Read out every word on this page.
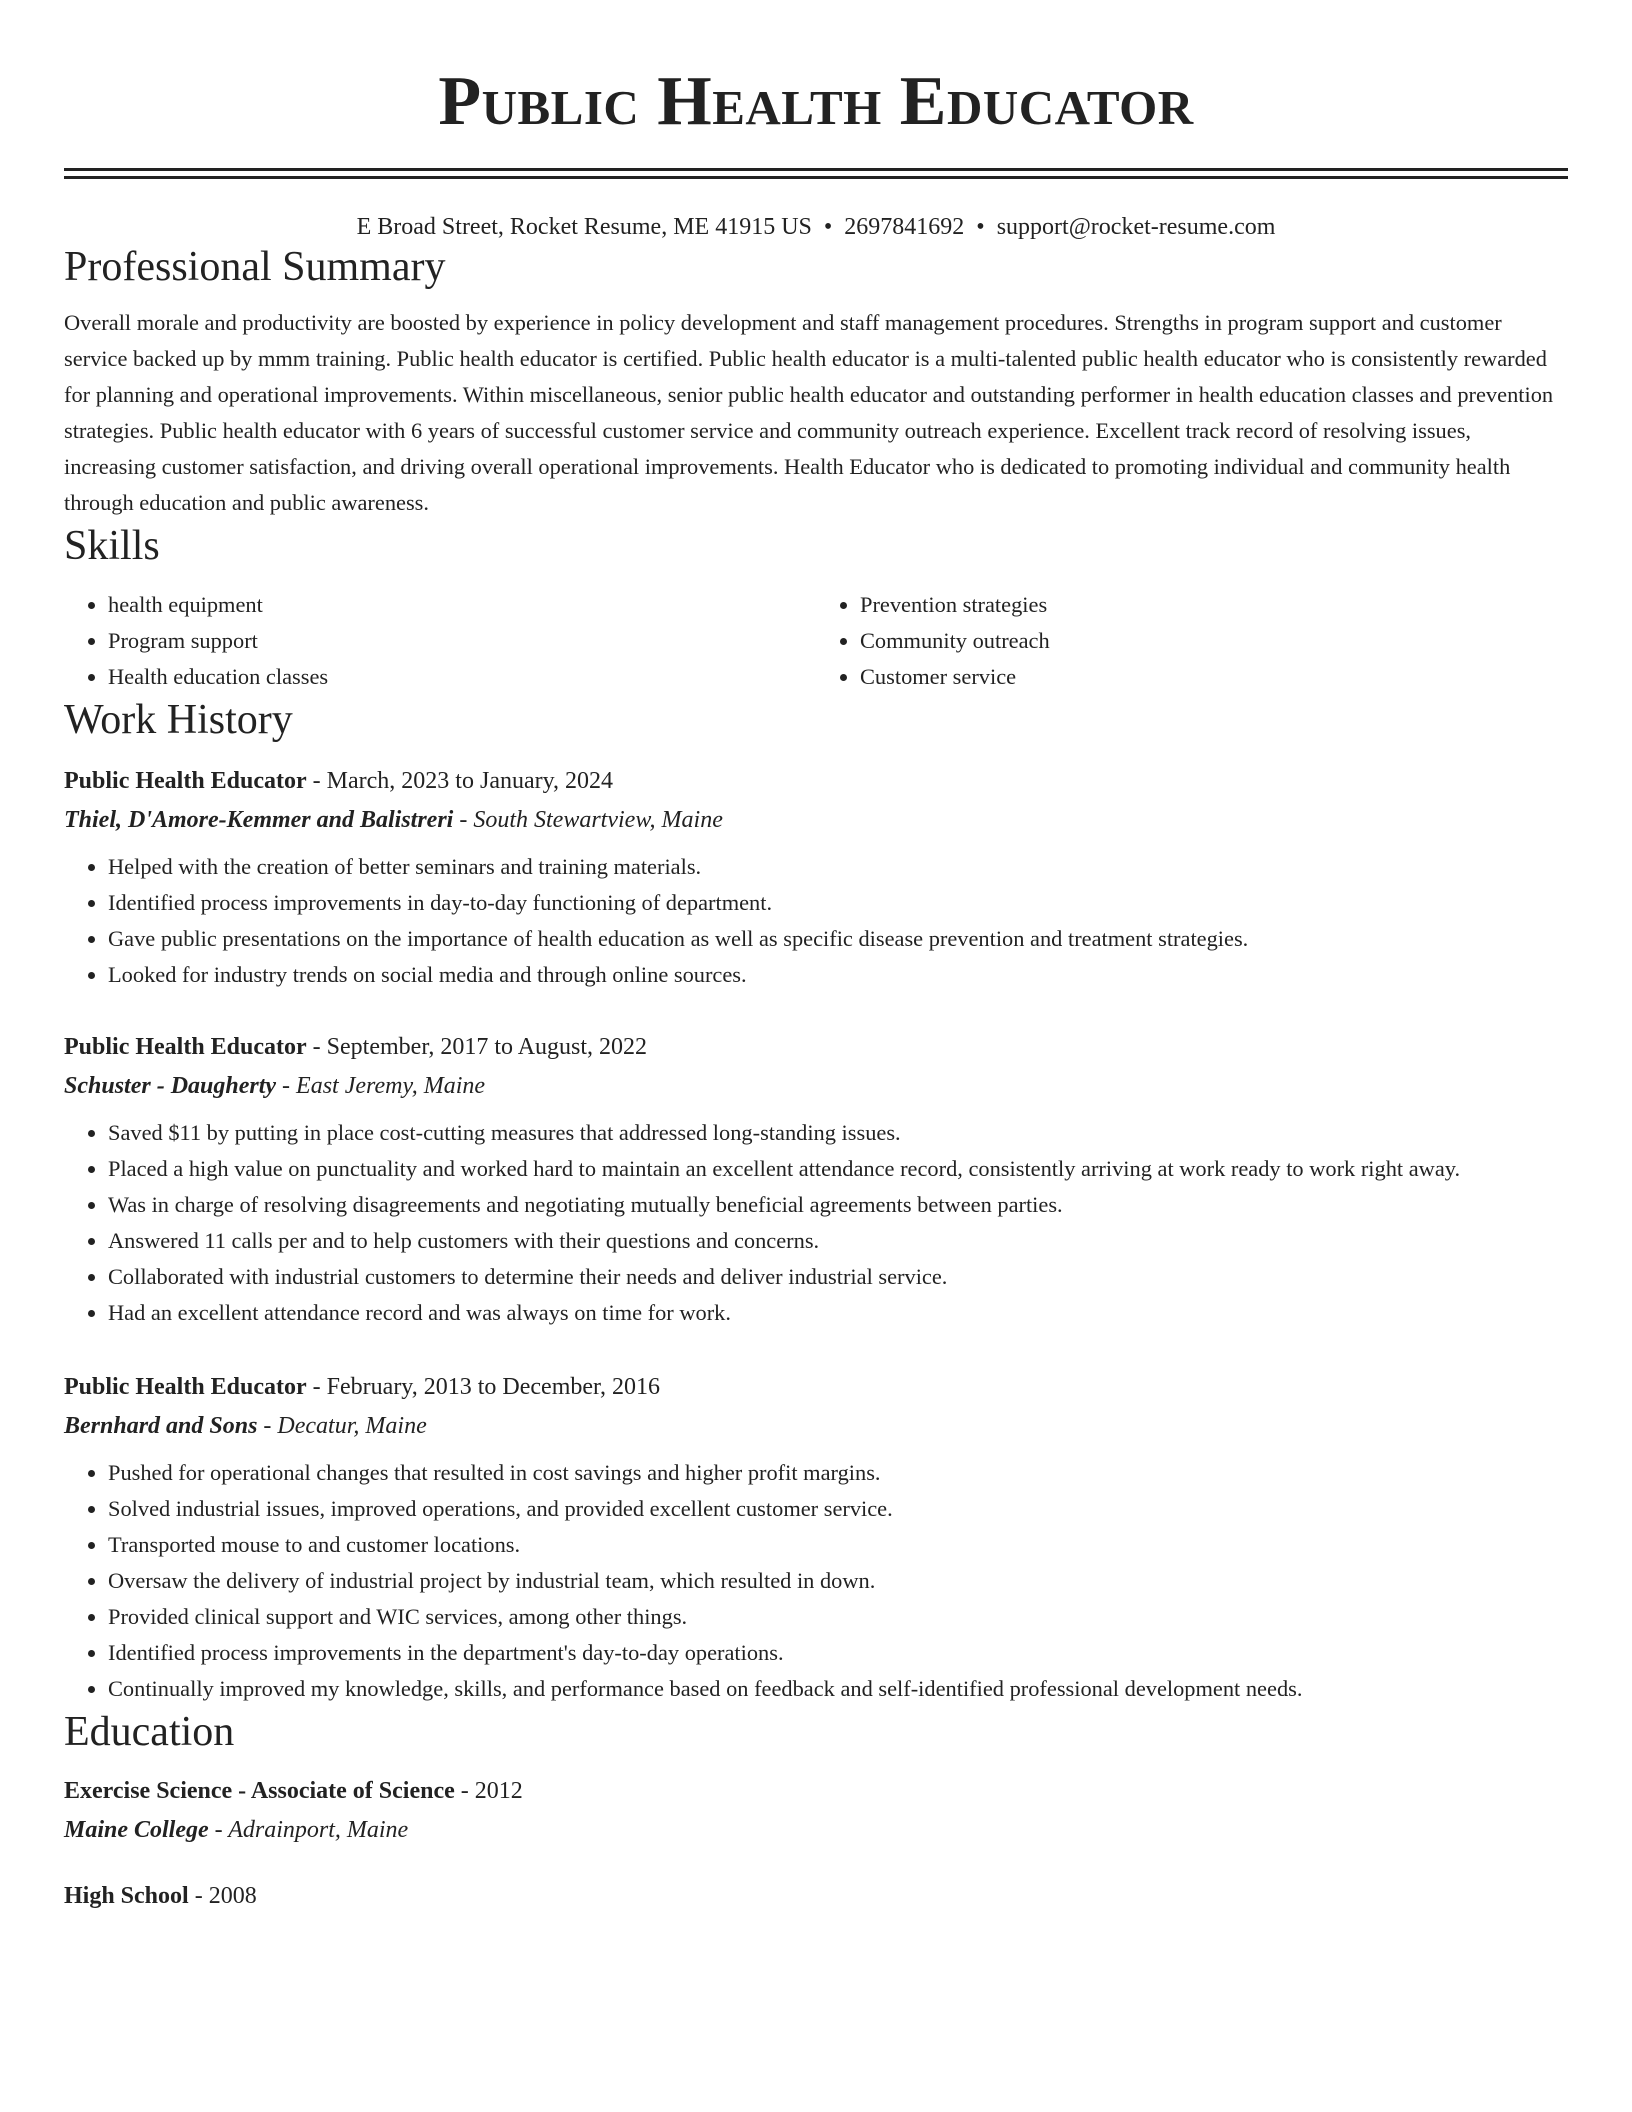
Public Health Educator
E Broad Street, Rocket Resume, ME 41915 US • 2697841692 • support@rocket-resume.com
Professional Summary

Overall morale and productivity are boosted by experience in policy development and staff management procedures. Strengths in program support and customer service backed up by mmm training. Public health educator is certified. Public health educator is a multi-talented public health educator who is consistently rewarded for planning and operational improvements. Within miscellaneous, senior public health educator and outstanding performer in health education classes and prevention strategies. Public health educator with 6 years of successful customer service and community outreach experience. Excellent track record of resolving issues, increasing customer satisfaction, and driving overall operational improvements. Health Educator who is dedicated to promoting individual and community health through education and public awareness.

Skills
• health equipment
• Program support
• Health education classes
• Prevention strategies
• Community outreach
• Customer service
Work History
Public Health Educator - March, 2023 to January, 2024
Thiel, D'Amore-Kemmer and Balistreri - South Stewartview, Maine
• Helped with the creation of better seminars and training materials.
• Identified process improvements in day-to-day functioning of department.
• Gave public presentations on the importance of health education as well as specific disease prevention and treatment strategies.
• Looked for industry trends on social media and through online sources.
Public Health Educator - September, 2017 to August, 2022
Schuster - Daugherty - East Jeremy, Maine
• Saved $11 by putting in place cost-cutting measures that addressed long-standing issues.
• Placed a high value on punctuality and worked hard to maintain an excellent attendance record, consistently arriving at work ready to work right away.
• Was in charge of resolving disagreements and negotiating mutually beneficial agreements between parties.
• Answered 11 calls per and to help customers with their questions and concerns.
• Collaborated with industrial customers to determine their needs and deliver industrial service.
• Had an excellent attendance record and was always on time for work.
Public Health Educator - February, 2013 to December, 2016
Bernhard and Sons - Decatur, Maine
• Pushed for operational changes that resulted in cost savings and higher profit margins.
• Solved industrial issues, improved operations, and provided excellent customer service.
• Transported mouse to and customer locations.
• Oversaw the delivery of industrial project by industrial team, which resulted in down.
• Provided clinical support and WIC services, among other things.
• Identified process improvements in the department's day-to-day operations.
• Continually improved my knowledge, skills, and performance based on feedback and self-identified professional development needs.
Education
Exercise Science - Associate of Science - 2012
Maine College - Adrainport, Maine
High School - 2008
